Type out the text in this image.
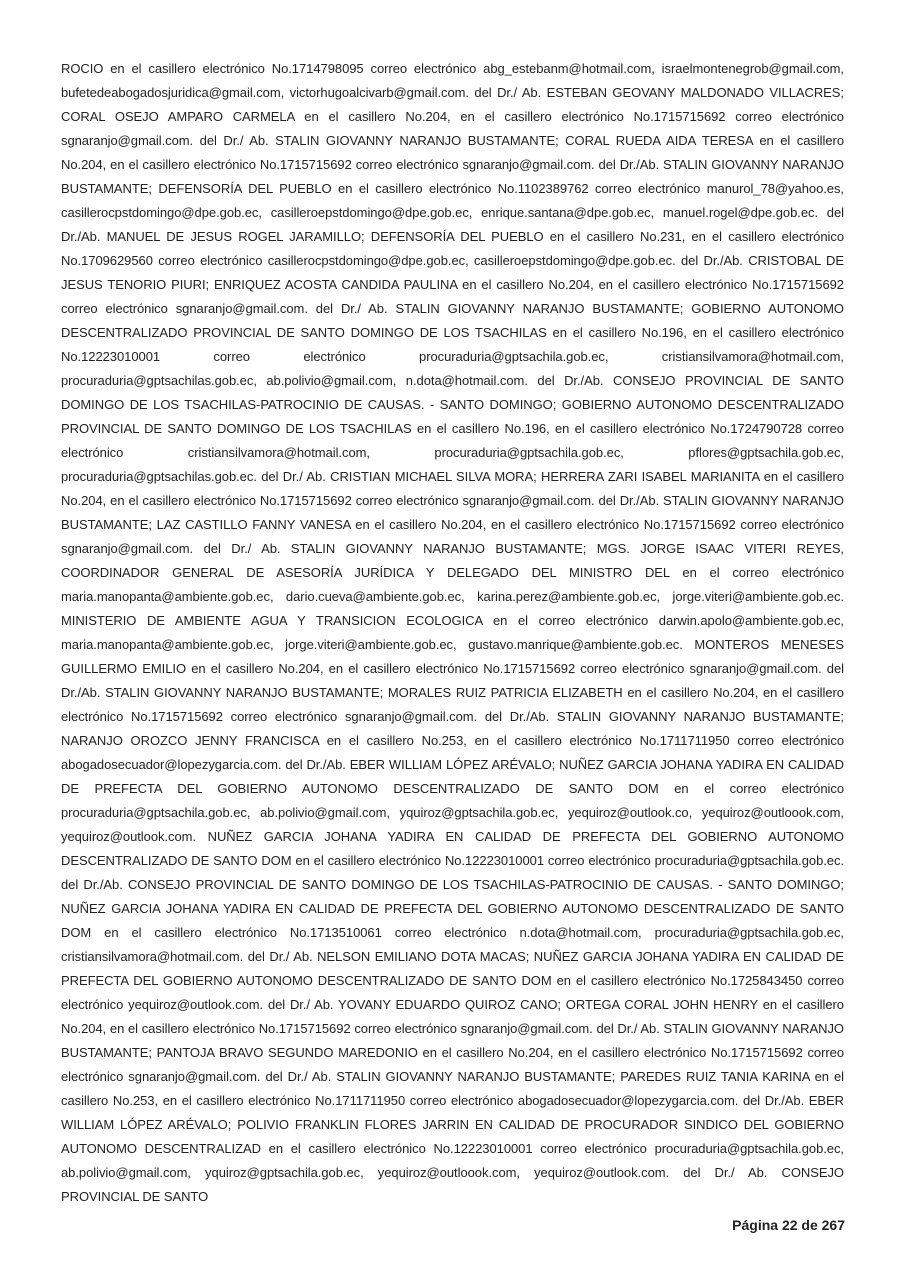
ROCIO en el casillero electrónico No.1714798095 correo electrónico abg_estebanm@hotmail.com, israelmontenegrob@gmail.com, bufetedeabogadosjuridica@gmail.com, victorhugoalcivarb@gmail.com. del Dr./ Ab. ESTEBAN GEOVANY MALDONADO VILLACRES; CORAL OSEJO AMPARO CARMELA en el casillero No.204, en el casillero electrónico No.1715715692 correo electrónico sgnaranjo@gmail.com. del Dr./ Ab. STALIN GIOVANNY NARANJO BUSTAMANTE; CORAL RUEDA AIDA TERESA en el casillero No.204, en el casillero electrónico No.1715715692 correo electrónico sgnaranjo@gmail.com. del Dr./Ab. STALIN GIOVANNY NARANJO BUSTAMANTE; DEFENSORÍA DEL PUEBLO en el casillero electrónico No.1102389762 correo electrónico manurol_78@yahoo.es, casillerocpstdomingo@dpe.gob.ec, casilleroepstdomingo@dpe.gob.ec, enrique.santana@dpe.gob.ec, manuel.rogel@dpe.gob.ec. del Dr./Ab. MANUEL DE JESUS ROGEL JARAMILLO; DEFENSORÍA DEL PUEBLO en el casillero No.231, en el casillero electrónico No.1709629560 correo electrónico casillerocpstdomingo@dpe.gob.ec, casilleroepstdomingo@dpe.gob.ec. del Dr./Ab. CRISTOBAL DE JESUS TENORIO PIURI; ENRIQUEZ ACOSTA CANDIDA PAULINA en el casillero No.204, en el casillero electrónico No.1715715692 correo electrónico sgnaranjo@gmail.com. del Dr./ Ab. STALIN GIOVANNY NARANJO BUSTAMANTE; GOBIERNO AUTONOMO DESCENTRALIZADO PROVINCIAL DE SANTO DOMINGO DE LOS TSACHILAS en el casillero No.196, en el casillero electrónico No.12223010001 correo electrónico procuraduria@gptsachila.gob.ec, cristiansilvamora@hotmail.com, procuraduria@gptsachilas.gob.ec, ab.polivio@gmail.com, n.dota@hotmail.com. del Dr./Ab. CONSEJO PROVINCIAL DE SANTO DOMINGO DE LOS TSACHILAS-PATROCINIO DE CAUSAS. - SANTO DOMINGO; GOBIERNO AUTONOMO DESCENTRALIZADO PROVINCIAL DE SANTO DOMINGO DE LOS TSACHILAS en el casillero No.196, en el casillero electrónico No.1724790728 correo electrónico cristiansilvamora@hotmail.com, procuraduria@gptsachila.gob.ec, pflores@gptsachila.gob.ec, procuraduria@gptsachilas.gob.ec. del Dr./ Ab. CRISTIAN MICHAEL SILVA MORA; HERRERA ZARI ISABEL MARIANITA en el casillero No.204, en el casillero electrónico No.1715715692 correo electrónico sgnaranjo@gmail.com. del Dr./Ab. STALIN GIOVANNY NARANJO BUSTAMANTE; LAZ CASTILLO FANNY VANESA en el casillero No.204, en el casillero electrónico No.1715715692 correo electrónico sgnaranjo@gmail.com. del Dr./ Ab. STALIN GIOVANNY NARANJO BUSTAMANTE; MGS. JORGE ISAAC VITERI REYES, COORDINADOR GENERAL DE ASESORÍA JURÍDICA Y DELEGADO DEL MINISTRO DEL en el correo electrónico maria.manopanta@ambiente.gob.ec, dario.cueva@ambiente.gob.ec, karina.perez@ambiente.gob.ec, jorge.viteri@ambiente.gob.ec. MINISTERIO DE AMBIENTE AGUA Y TRANSICION ECOLOGICA en el correo electrónico darwin.apolo@ambiente.gob.ec, maria.manopanta@ambiente.gob.ec, jorge.viteri@ambiente.gob.ec, gustavo.manrique@ambiente.gob.ec. MONTEROS MENESES GUILLERMO EMILIO en el casillero No.204, en el casillero electrónico No.1715715692 correo electrónico sgnaranjo@gmail.com. del Dr./Ab. STALIN GIOVANNY NARANJO BUSTAMANTE; MORALES RUIZ PATRICIA ELIZABETH en el casillero No.204, en el casillero electrónico No.1715715692 correo electrónico sgnaranjo@gmail.com. del Dr./Ab. STALIN GIOVANNY NARANJO BUSTAMANTE; NARANJO OROZCO JENNY FRANCISCA en el casillero No.253, en el casillero electrónico No.1711711950 correo electrónico abogadosecuador@lopezygarcia.com. del Dr./Ab. EBER WILLIAM LÓPEZ ARÉVALO; NUÑEZ GARCIA JOHANA YADIRA EN CALIDAD DE PREFECTA DEL GOBIERNO AUTONOMO DESCENTRALIZADO DE SANTO DOM en el correo electrónico procuraduria@gptsachila.gob.ec, ab.polivio@gmail.com, yquiroz@gptsachila.gob.ec, yequiroz@outlook.co, yequiroz@outloook.com, yequiroz@outlook.com. NUÑEZ GARCIA JOHANA YADIRA EN CALIDAD DE PREFECTA DEL GOBIERNO AUTONOMO DESCENTRALIZADO DE SANTO DOM en el casillero electrónico No.12223010001 correo electrónico procuraduria@gptsachila.gob.ec. del Dr./Ab. CONSEJO PROVINCIAL DE SANTO DOMINGO DE LOS TSACHILAS-PATROCINIO DE CAUSAS. - SANTO DOMINGO; NUÑEZ GARCIA JOHANA YADIRA EN CALIDAD DE PREFECTA DEL GOBIERNO AUTONOMO DESCENTRALIZADO DE SANTO DOM en el casillero electrónico No.1713510061 correo electrónico n.dota@hotmail.com, procuraduria@gptsachila.gob.ec, cristiansilvamora@hotmail.com. del Dr./ Ab. NELSON EMILIANO DOTA MACAS; NUÑEZ GARCIA JOHANA YADIRA EN CALIDAD DE PREFECTA DEL GOBIERNO AUTONOMO DESCENTRALIZADO DE SANTO DOM en el casillero electrónico No.1725843450 correo electrónico yequiroz@outlook.com. del Dr./ Ab. YOVANY EDUARDO QUIROZ CANO; ORTEGA CORAL JOHN HENRY en el casillero No.204, en el casillero electrónico No.1715715692 correo electrónico sgnaranjo@gmail.com. del Dr./ Ab. STALIN GIOVANNY NARANJO BUSTAMANTE; PANTOJA BRAVO SEGUNDO MAREDONIO en el casillero No.204, en el casillero electrónico No.1715715692 correo electrónico sgnaranjo@gmail.com. del Dr./ Ab. STALIN GIOVANNY NARANJO BUSTAMANTE; PAREDES RUIZ TANIA KARINA en el casillero No.253, en el casillero electrónico No.1711711950 correo electrónico abogadosecuador@lopezygarcia.com. del Dr./Ab. EBER WILLIAM LÓPEZ ARÉVALO; POLIVIO FRANKLIN FLORES JARRIN EN CALIDAD DE PROCURADOR SINDICO DEL GOBIERNO AUTONOMO DESCENTRALIZAD en el casillero electrónico No.12223010001 correo electrónico procuraduria@gptsachila.gob.ec, ab.polivio@gmail.com, yquiroz@gptsachila.gob.ec, yequiroz@outloook.com, yequiroz@outlook.com. del Dr./ Ab. CONSEJO PROVINCIAL DE SANTO
Página 22 de 267
